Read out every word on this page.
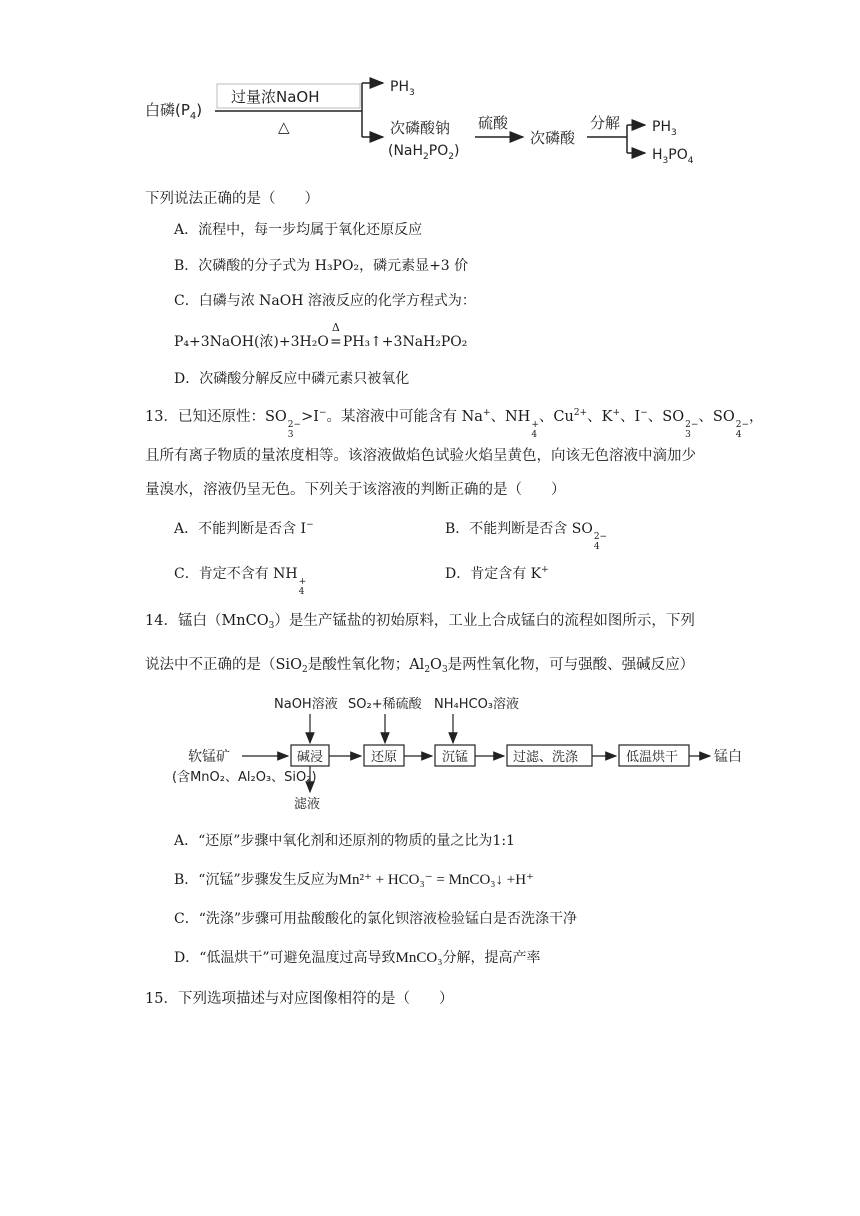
白磷$(P_4)$
过量浓NaOH
△
$PH_3$
次磷酸钠
$(NaH_2PO_2)$
硫酸
次磷酸
分解 $PH_3$
$H_3PO_4$
下列说法正确的是（　　）
A．流程中，每一步均属于氧化还原反应
B．次磷酸的分子式为 H₃PO₂，磷元素显+3 价
C．白磷与浓 NaOH 溶液反应的化学方程式为：
P₄+3NaOH(浓)+3H₂O
Δ
=PH₃↑+3NaH₂PO₂
D．次磷酸分解反应中磷元素只被氧化
13．已知还原性：SO 2−
3
>I−。某溶液中可能含有 Na+、NH +
4
、$Cu^{2+}$、K+、I−、SO 2−
3
、SO 2−
4
，
且所有离子物质的量浓度相等。该溶液做焰色试验火焰呈黄色，向该无色溶液中滴加少
量溴水，溶液仍呈无色。下列关于该溶液的判断正确的是（　　）
A．不能判断是否含 I−	B．不能判断是否含 SO 2−
4
C．肯定不含有 NH +
4
D．肯定含有 K+
14．锰白（MnCO$_3$）是生产锰盐的初始原料，工业上合成锰白的流程如图所示，下列
说法中不正确的是（SiO$_2$是酸性氧化物；$Al_2O_3$是两性氧化物，可与强酸、强碱反应）
NaOH溶液 SO₂+稀硫酸 NH₄HCO₃溶液
软锰矿
(含MnO₂、Al₂O₃、SiO₂)
碱浸	还原	沉锰	过滤、洗涤	低温烘干	锰白
滤液
A．“还原”步骤中氧化剂和还原剂的物质的量之比为1:1
B．“沉锰”步骤发生反应为Mn²⁺ + HCO₃⁻ = MnCO₃↓ +H⁺
C．“洗涤”步骤可用盐酸酸化的氯化钡溶液检验锰白是否洗涤干净
D．“低温烘干”可避免温度过高导致MnCO₃分解，提高产率
15．下列选项描述与对应图像相符的是（　　）
